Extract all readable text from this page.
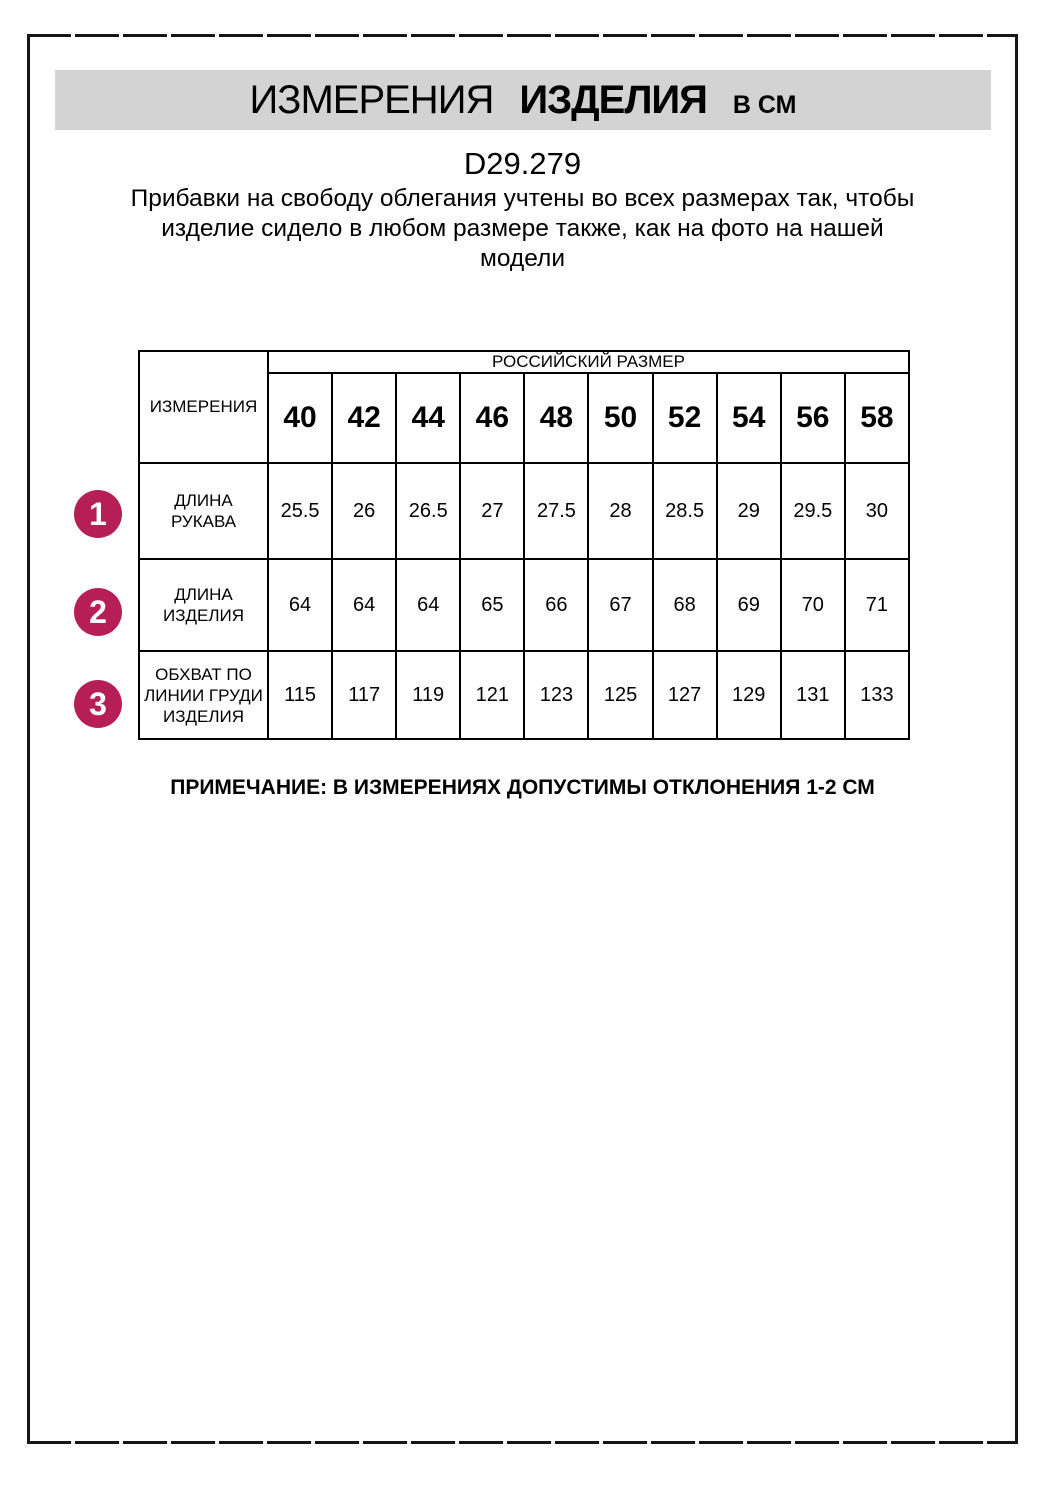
ИЗМЕРЕНИЯ ИЗДЕЛИЯ В СМ
D29.279
Прибавки на свободу облегания учтены во всех размерах так, чтобы
изделие сидело в любом размере также, как на фото на нашей
модели
1
2
3
ИЗМЕРЕНИЯ	РОССИЙСКИЙ РАЗМЕР									
	40	42	44	46	48	50	52	54	56	58
ДЛИНА РУКАВА	25.5	26	26.5	27	27.5	28	28.5	29	29.5	30
ДЛИНА ИЗДЕЛИЯ	64	64	64	65	66	67	68	69	70	71
ОБХВАТ ПО ЛИНИИ ГРУДИ ИЗДЕЛИЯ	115	117	119	121	123	125	127	129	131	133
ПРИМЕЧАНИЕ: В ИЗМЕРЕНИЯХ ДОПУСТИМЫ ОТКЛОНЕНИЯ 1-2 СМ
